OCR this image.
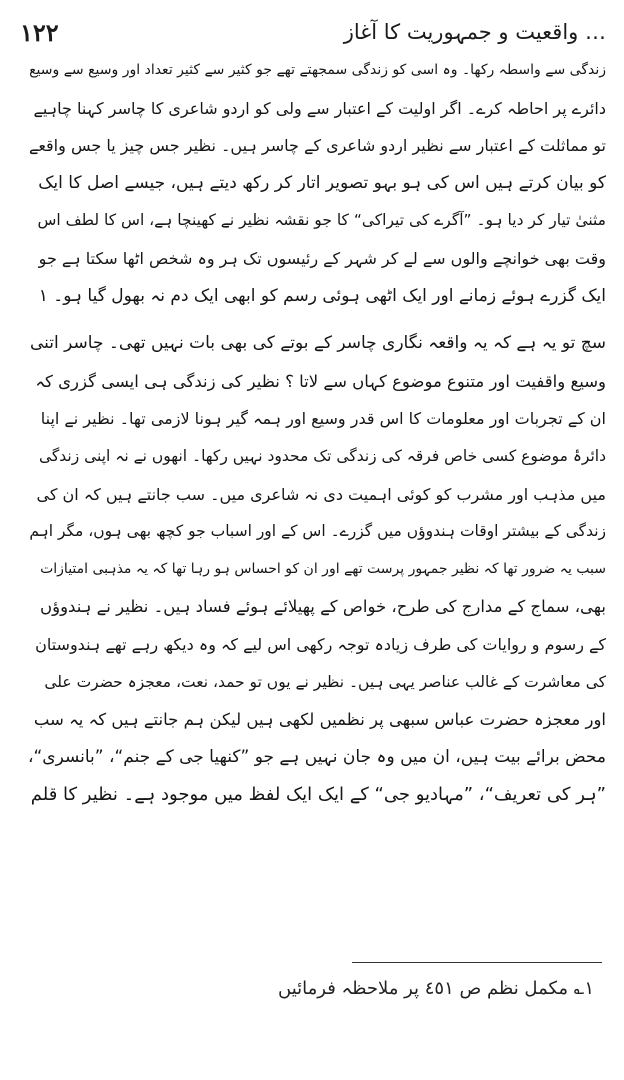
١٢٢	… واقعیت و جمہوریت کا آغاز
زندگی سے واسطہ رکھا۔ وہ اسی کو زندگی سمجھتے تھے جو کثیر سے کثیر تعداد اور وسیع سے وسیع
دائرے پر احاطہ کرے۔ اگر اولیت کے اعتبار سے ولی کو اردو شاعری کا چاسر کہنا چاہیے
تو مماثلت کے اعتبار سے نظیر اردو شاعری کے چاسر ہیں۔ نظیر جس چیز یا جس واقعے
کو بیان کرتے ہیں اس کی ہو بہو تصویر اتار کر رکھ دیتے ہیں، جیسے اصل کا ایک
مثنیٰ تیار کر دیا ہو۔ ”آگرے کی تیراکی“ کا جو نقشہ نظیر نے کھینچا ہے، اس کا لطف اس
وقت بھی خوانچے والوں سے لے کر شہر کے رئیسوں تک ہر وہ شخص اٹھا سکتا ہے جو
ایک گزرے ہوئے زمانے اور ایک اٹھی ہوئی رسم کو ابھی ایک دم نہ بھول گیا ہو۔ ١
سچ تو یہ ہے کہ یہ واقعہ نگاری چاسر کے بوتے کی بھی بات نہیں تھی۔ چاسر اتنی
وسیع واقفیت اور متنوع موضوع کہاں سے لاتا ؟ نظیر کی زندگی ہی ایسی گزری کہ
ان کے تجربات اور معلومات کا اس قدر وسیع اور ہمہ گیر ہونا لازمی تھا۔ نظیر نے اپنا
دائرۂ موضوع کسی خاص فرقہ کی زندگی تک محدود نہیں رکھا۔ انھوں نے نہ اپنی زندگی
میں مذہب اور مشرب کو کوئی اہمیت دی نہ شاعری میں۔ سب جانتے ہیں کہ ان کی
زندگی کے بیشتر اوقات ہندوؤں میں گزرے۔ اس کے اور اسباب جو کچھ بھی ہوں، مگر اہم
سبب یہ ضرور تھا کہ نظیر جمہور پرست تھے اور ان کو احساس ہو رہا تھا کہ یہ مذہبی امتیازات
بھی، سماج کے مدارج کی طرح، خواص کے پھیلائے ہوئے فساد ہیں۔ نظیر نے ہندوؤں
کے رسوم و روایات کی طرف زیادہ توجہ رکھی اس لیے کہ وہ دیکھ رہے تھے ہندوستان
کی معاشرت کے غالب عناصر یہی ہیں۔ نظیر نے یوں تو حمد، نعت، معجزہ حضرت علی
اور معجزہ حضرت عباس سبھی پر نظمیں لکھی ہیں لیکن ہم جانتے ہیں کہ یہ سب
محض برائے بیت ہیں، ان میں وہ جان نہیں ہے جو ”کنھیا جی کے جنم“، ”بانسری“،
”ہر کی تعریف“، ”مہادیو جی“ کے ایک ایک لفظ میں موجود ہے۔ نظیر کا قلم
١؎ مکمل نظم ص ٤٥١ پر ملاحظہ فرمائیں
